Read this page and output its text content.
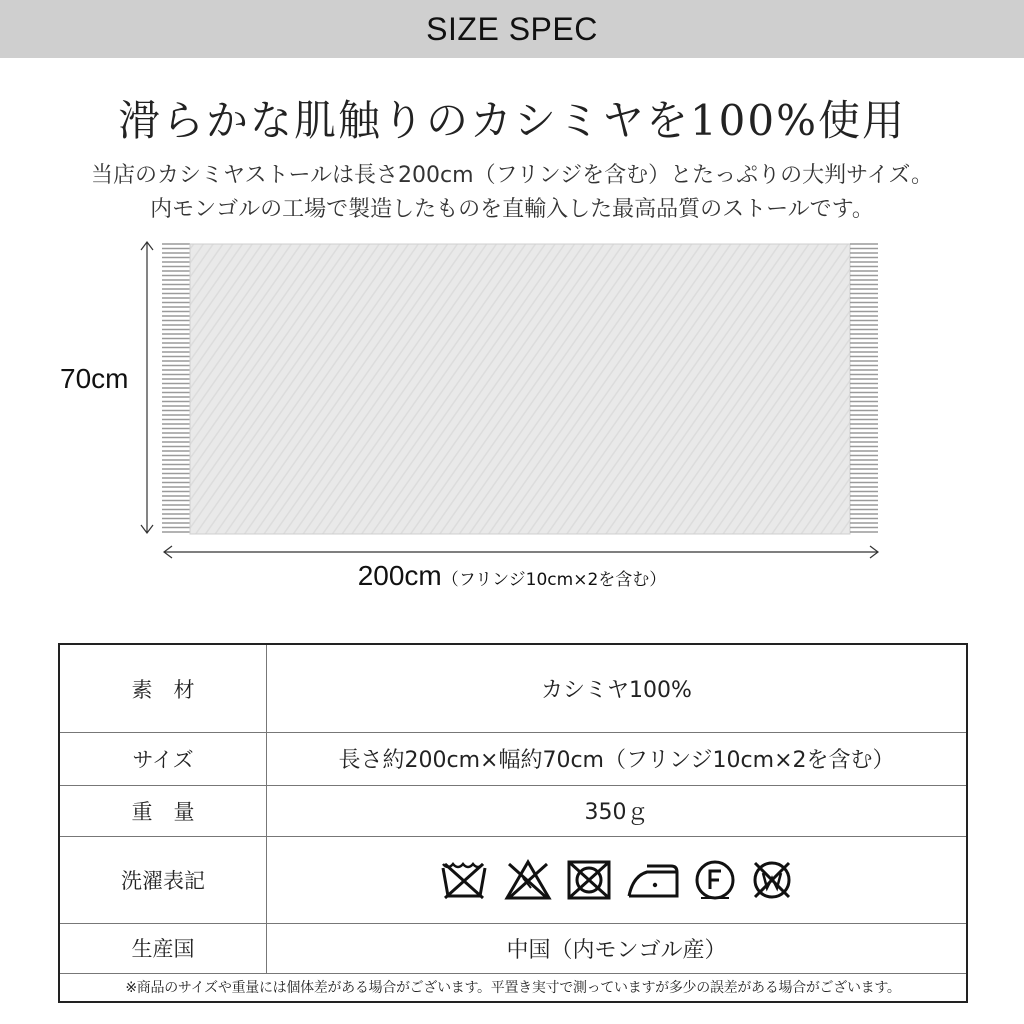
SIZE SPEC
滑らかな肌触りのカシミヤを100%使用
当店のカシミヤストールは長さ200cm（フリンジを含む）とたっぷりの大判サイズ。
内モンゴルの工場で製造したものを直輸入した最高品質のストールです。
70cm
200cm（フリンジ10cm×2を含む）
素　材	カシミヤ100%
サイズ	長さ約200cm×幅約70cm（フリンジ10cm×2を含む）
重　量	350ｇ
洗濯表記
生産国	中国（内モンゴル産）
※商品のサイズや重量には個体差がある場合がございます。平置き実寸で測っていますが多少の誤差がある場合がございます。
